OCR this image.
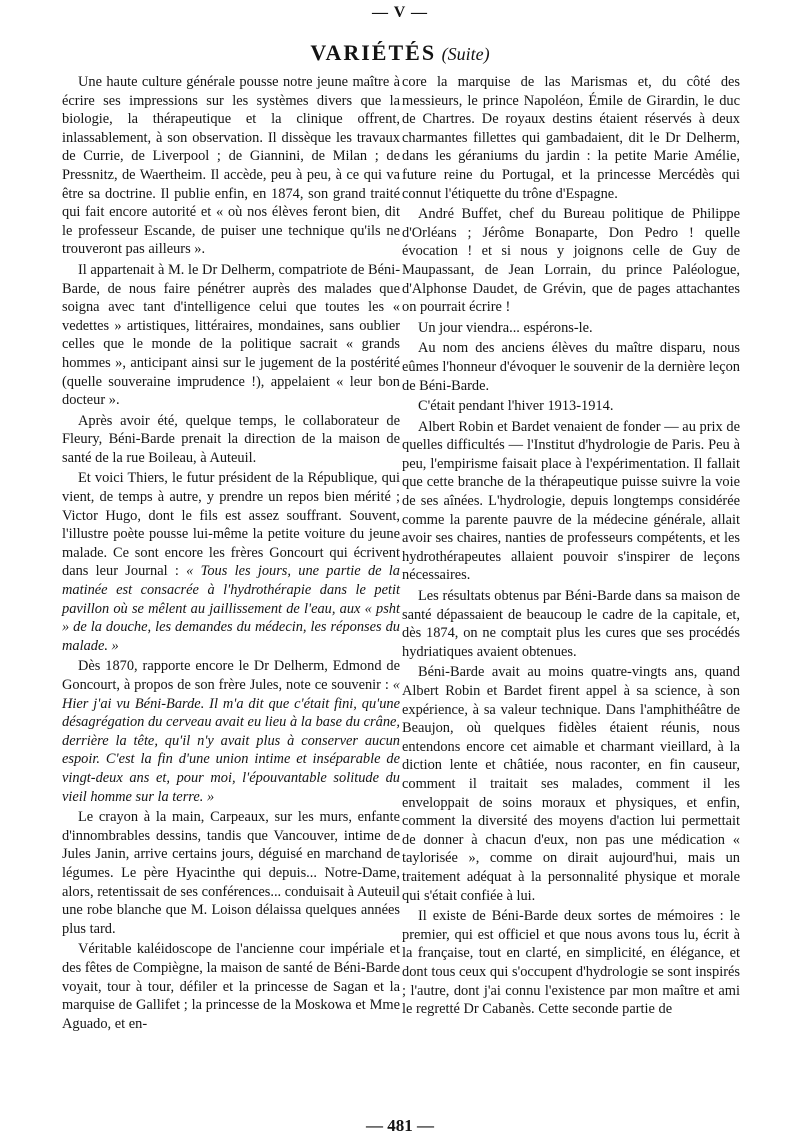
— V —
VARIÉTÉS (Suite)

Une haute culture générale pousse notre jeune maître à écrire ses impressions sur les systèmes divers que la biologie, la thérapeutique et la clinique offrent, inlassablement, à son observation. Il dissèque les travaux de Currie, de Liverpool ; de Giannini, de Milan ; de Pressnitz, de Waertheim. Il accède, peu à peu, à ce qui va être sa doctrine. Il publie enfin, en 1874, son grand traité qui fait encore autorité et « où nos élèves feront bien, dit le professeur Escande, de puiser une technique qu'ils ne trouveront pas ailleurs ».

Il appartenait à M. le Dr Delherm, compatriote de Béni-Barde, de nous faire pénétrer auprès des malades que soigna avec tant d'intelligence celui que toutes les « vedettes » artistiques, littéraires, mondaines, sans oublier celles que le monde de la politique sacrait « grands hommes », anticipant ainsi sur le jugement de la postérité (quelle souveraine imprudence !), appelaient « leur bon docteur ».

Après avoir été, quelque temps, le collaborateur de Fleury, Béni-Barde prenait la direction de la maison de santé de la rue Boileau, à Auteuil.

Et voici Thiers, le futur président de la République, qui vient, de temps à autre, y prendre un repos bien mérité ; Victor Hugo, dont le fils est assez souffrant. Souvent, l'illustre poète pousse lui-même la petite voiture du jeune malade. Ce sont encore les frères Goncourt qui écrivent dans leur Journal : « Tous les jours, une partie de la matinée est consacrée à l'hydrothérapie dans le petit pavillon où se mêlent au jaillissement de l'eau, aux « psht » de la douche, les demandes du médecin, les réponses du malade. »

Dès 1870, rapporte encore le Dr Delherm, Edmond de Goncourt, à propos de son frère Jules, note ce souvenir : « Hier j'ai vu Béni-Barde. Il m'a dit que c'était fini, qu'une désagrégation du cerveau avait eu lieu à la base du crâne, derrière la tête, qu'il n'y avait plus à conserver aucun espoir. C'est la fin d'une union intime et inséparable de vingt-deux ans et, pour moi, l'épouvantable solitude du vieil homme sur la terre. »

Le crayon à la main, Carpeaux, sur les murs, enfante d'innombrables dessins, tandis que Vancouver, intime de Jules Janin, arrive certains jours, déguisé en marchand de légumes. Le père Hyacinthe qui depuis... Notre-Dame, alors, retentissait de ses conférences... conduisait à Auteuil une robe blanche que M. Loison délaissa quelques années plus tard.

Véritable kaléidoscope de l'ancienne cour impériale et des fêtes de Compiègne, la maison de santé de Béni-Barde voyait, tour à tour, défiler et la princesse de Sagan et la marquise de Gallifet ; la princesse de la Moskowa et Mme Aguado, et en-

core la marquise de las Marismas et, du côté des messieurs, le prince Napoléon, Émile de Girardin, le duc de Chartres. De royaux destins étaient réservés à deux charmantes fillettes qui gambadaient, dit le Dr Delherm, dans les géraniums du jardin : la petite Marie Amélie, future reine du Portugal, et la princesse Mercédès qui connut l'étiquette du trône d'Espagne.

André Buffet, chef du Bureau politique de Philippe d'Orléans ; Jérôme Bonaparte, Don Pedro ! quelle évocation ! et si nous y joignons celle de Guy de Maupassant, de Jean Lorrain, du prince Paléologue, d'Alphonse Daudet, de Grévin, que de pages attachantes on pourrait écrire !

Un jour viendra... espérons-le.

Au nom des anciens élèves du maître disparu, nous eûmes l'honneur d'évoquer le souvenir de la dernière leçon de Béni-Barde.

C'était pendant l'hiver 1913-1914.

Albert Robin et Bardet venaient de fonder — au prix de quelles difficultés — l'Institut d'hydrologie de Paris. Peu à peu, l'empirisme faisait place à l'expérimentation. Il fallait que cette branche de la thérapeutique puisse suivre la voie de ses aînées. L'hydrologie, depuis longtemps considérée comme la parente pauvre de la médecine générale, allait avoir ses chaires, nanties de professeurs compétents, et les hydrothérapeutes allaient pouvoir s'inspirer de leçons nécessaires.

Les résultats obtenus par Béni-Barde dans sa maison de santé dépassaient de beaucoup le cadre de la capitale, et, dès 1874, on ne comptait plus les cures que ses procédés hydriatiques avaient obtenues.

Béni-Barde avait au moins quatre-vingts ans, quand Albert Robin et Bardet firent appel à sa science, à son expérience, à sa valeur technique. Dans l'amphithéâtre de Beaujon, où quelques fidèles étaient réunis, nous entendons encore cet aimable et charmant vieillard, à la diction lente et châtiée, nous raconter, en fin causeur, comment il traitait ses malades, comment il les enveloppait de soins moraux et physiques, et enfin, comment la diversité des moyens d'action lui permettait de donner à chacun d'eux, non pas une médication « taylorisée », comme on dirait aujourd'hui, mais un traitement adéquat à la personnalité physique et morale qui s'était confiée à lui.

Il existe de Béni-Barde deux sortes de mémoires : le premier, qui est officiel et que nous avons tous lu, écrit à la française, tout en clarté, en simplicité, en élégance, et dont tous ceux qui s'occupent d'hydrologie se sont inspirés ; l'autre, dont j'ai connu l'existence par mon maître et ami le regretté Dr Cabanès. Cette seconde partie de

— 481 —
